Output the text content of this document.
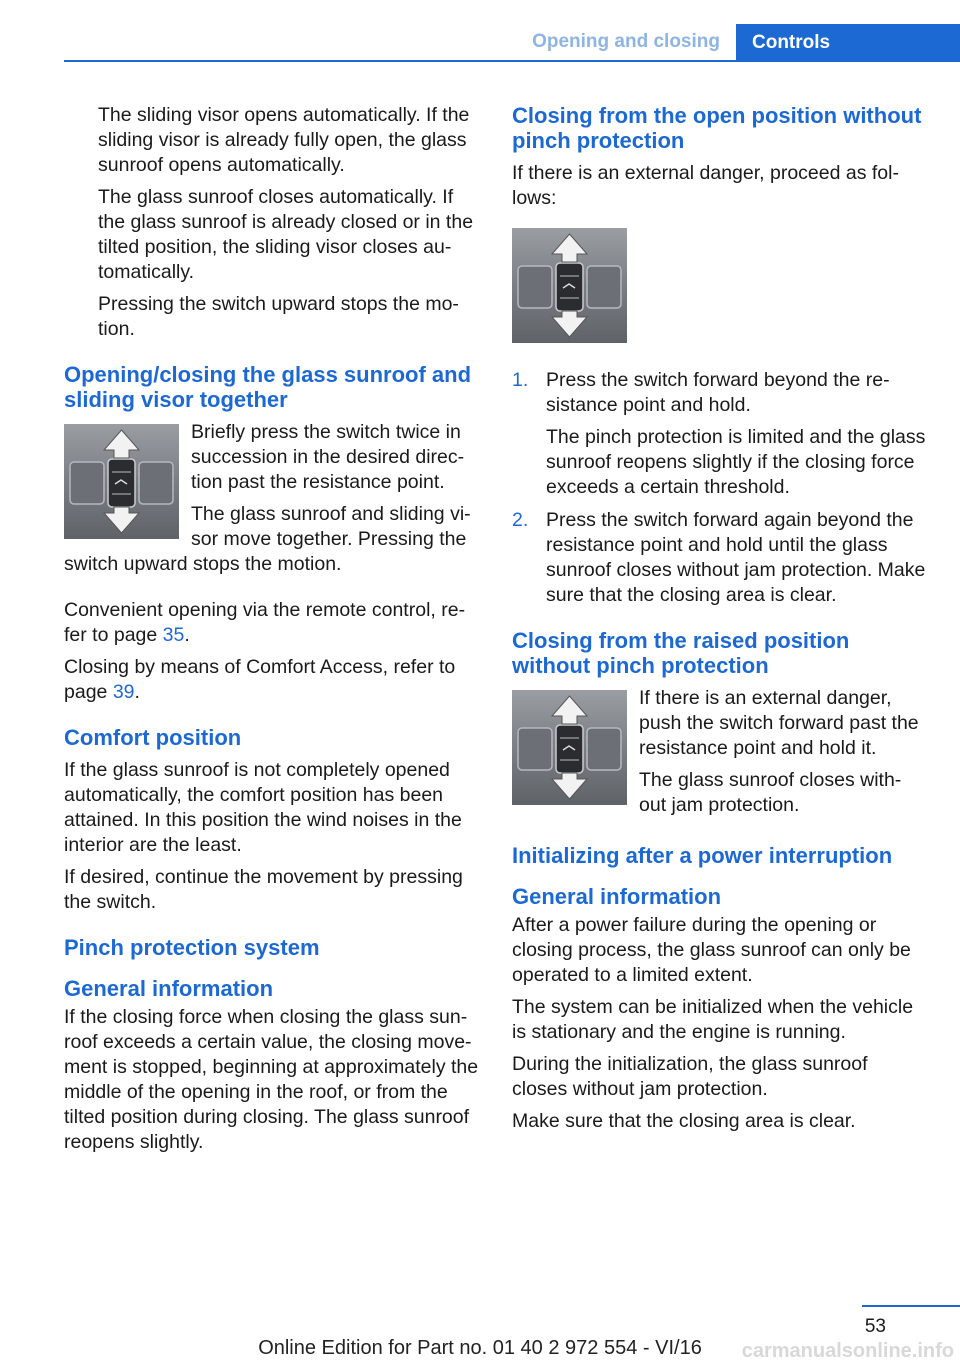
Opening and closing	Controls

The sliding visor opens automatically. If the sliding visor is already fully open, the glass sunroof opens automatically.

The glass sunroof closes automatically. If the glass sunroof is already closed or in the tilted position, the sliding visor closes au-tomatically.

Pressing the switch upward stops the mo-tion.

Opening/closing the glass sunroof and sliding visor together

Briefly press the switch twice in succession in the desired direc-tion past the resistance point.

The glass sunroof and sliding vi-sor move together. Pressing the switch upward stops the motion.

Convenient opening via the remote control, re-fer to page 35.

Closing by means of Comfort Access, refer to page 39.

Comfort position

If the glass sunroof is not completely opened automatically, the comfort position has been attained. In this position the wind noises in the interior are the least.

If desired, continue the movement by pressing the switch.

Pinch protection system
General information

If the closing force when closing the glass sun-roof exceeds a certain value, the closing move-ment is stopped, beginning at approximately the middle of the opening in the roof, or from the tilted position during closing. The glass sunroof reopens slightly.

Closing from the open position without pinch protection

If there is an external danger, proceed as fol-lows:

1. Press the switch forward beyond the re-sistance point and hold.

The pinch protection is limited and the glass sunroof reopens slightly if the closing force exceeds a certain threshold.

2. Press the switch forward again beyond the resistance point and hold until the glass sunroof closes without jam protection. Make sure that the closing area is clear.

Closing from the raised position without pinch protection

If there is an external danger, push the switch forward past the resistance point and hold it.

The glass sunroof closes with-out jam protection.

Initializing after a power interruption
General information

After a power failure during the opening or closing process, the glass sunroof can only be operated to a limited extent.

The system can be initialized when the vehicle is stationary and the engine is running.

During the initialization, the glass sunroof closes without jam protection.

Make sure that the closing area is clear.

53
Online Edition for Part no. 01 40 2 972 554 - VI/16	carmanualsonline.info
